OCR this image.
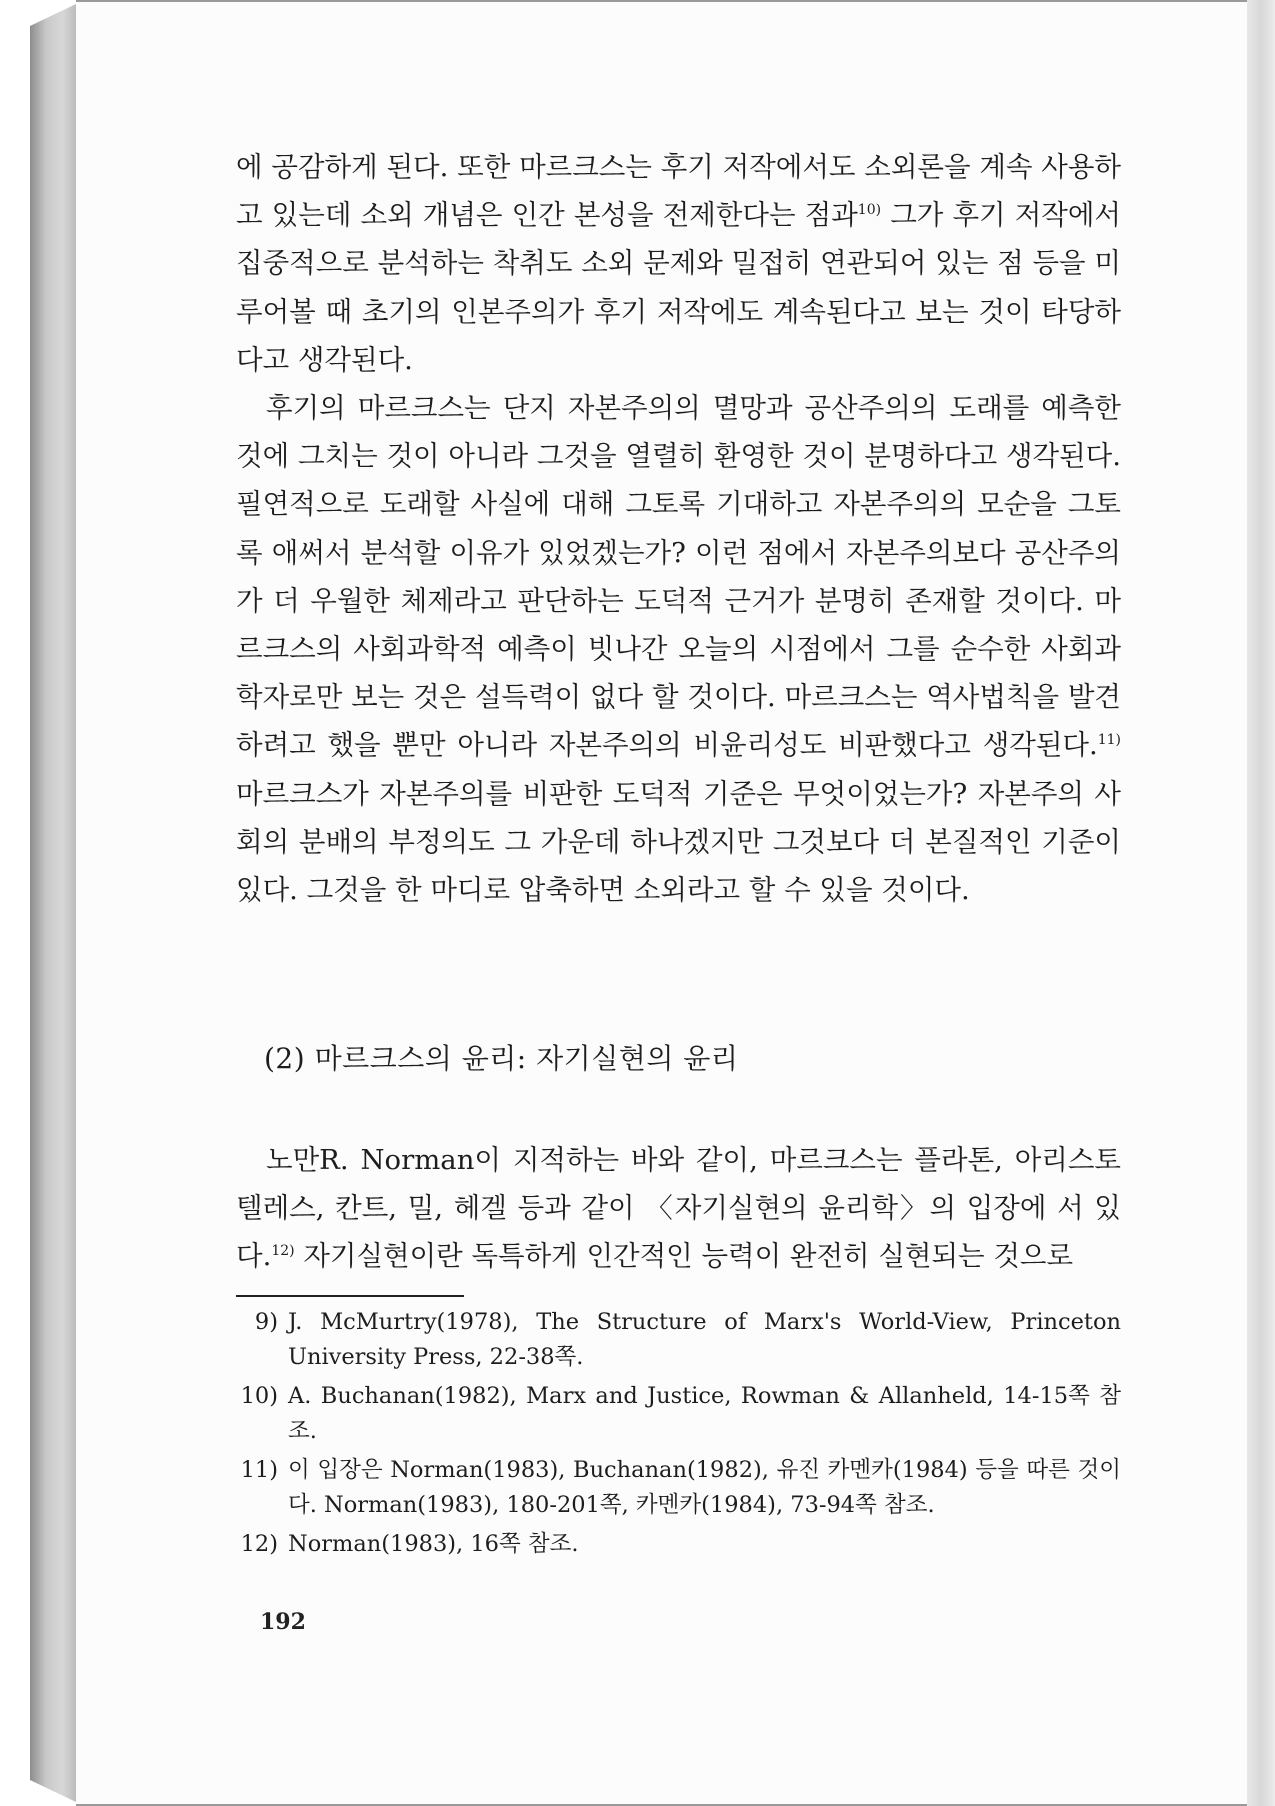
에 공감하게 된다. 또한 마르크스는 후기 저작에서도 소외론을 계속 사용하고 있는데 소외 개념은 인간 본성을 전제한다는 점과$^{10)}$ 그가 후기 저작에서 집중적으로 분석하는 착취도 소외 문제와 밀접히 연관되어 있는 점 등을 미루어볼 때 초기의 인본주의가 후기 저작에도 계속된다고 보는 것이 타당하다고 생각된다.

후기의 마르크스는 단지 자본주의의 멸망과 공산주의의 도래를 예측한 것에 그치는 것이 아니라 그것을 열렬히 환영한 것이 분명하다고 생각된다. 필연적으로 도래할 사실에 대해 그토록 기대하고 자본주의의 모순을 그토록 애써서 분석할 이유가 있었겠는가? 이런 점에서 자본주의보다 공산주의가 더 우월한 체제라고 판단하는 도덕적 근거가 분명히 존재할 것이다. 마르크스의 사회과학적 예측이 빗나간 오늘의 시점에서 그를 순수한 사회과학자로만 보는 것은 설득력이 없다 할 것이다. 마르크스는 역사법칙을 발견하려고 했을 뿐만 아니라 자본주의의 비윤리성도 비판했다고 생각된다.$^{11)}$ 마르크스가 자본주의를 비판한 도덕적 기준은 무엇이었는가? 자본주의 사회의 분배의 부정의도 그 가운데 하나겠지만 그것보다 더 본질적인 기준이 있다. 그것을 한 마디로 압축하면 소외라고 할 수 있을 것이다.

(2) 마르크스의 윤리: 자기실현의 윤리

노만R. Norman이 지적하는 바와 같이, 마르크스는 플라톤, 아리스토텔레스, 칸트, 밀, 헤겔 등과 같이 〈자기실현의 윤리학〉의 입장에 서 있다.$^{12)}$ 자기실현이란 독특하게 인간적인 능력이 완전히 실현되는 것으로

9) J. McMurtry(1978), The Structure of Marx's World-View, Princeton University Press, 22-38쪽.
10) A. Buchanan(1982), Marx and Justice, Rowman & Allanheld, 14-15쪽 참조.
11) 이 입장은 Norman(1983), Buchanan(1982), 유진 카멘카(1984) 등을 따른 것이다. Norman(1983), 180-201쪽, 카멘카(1984), 73-94쪽 참조.
12) Norman(1983), 16쪽 참조.
192
